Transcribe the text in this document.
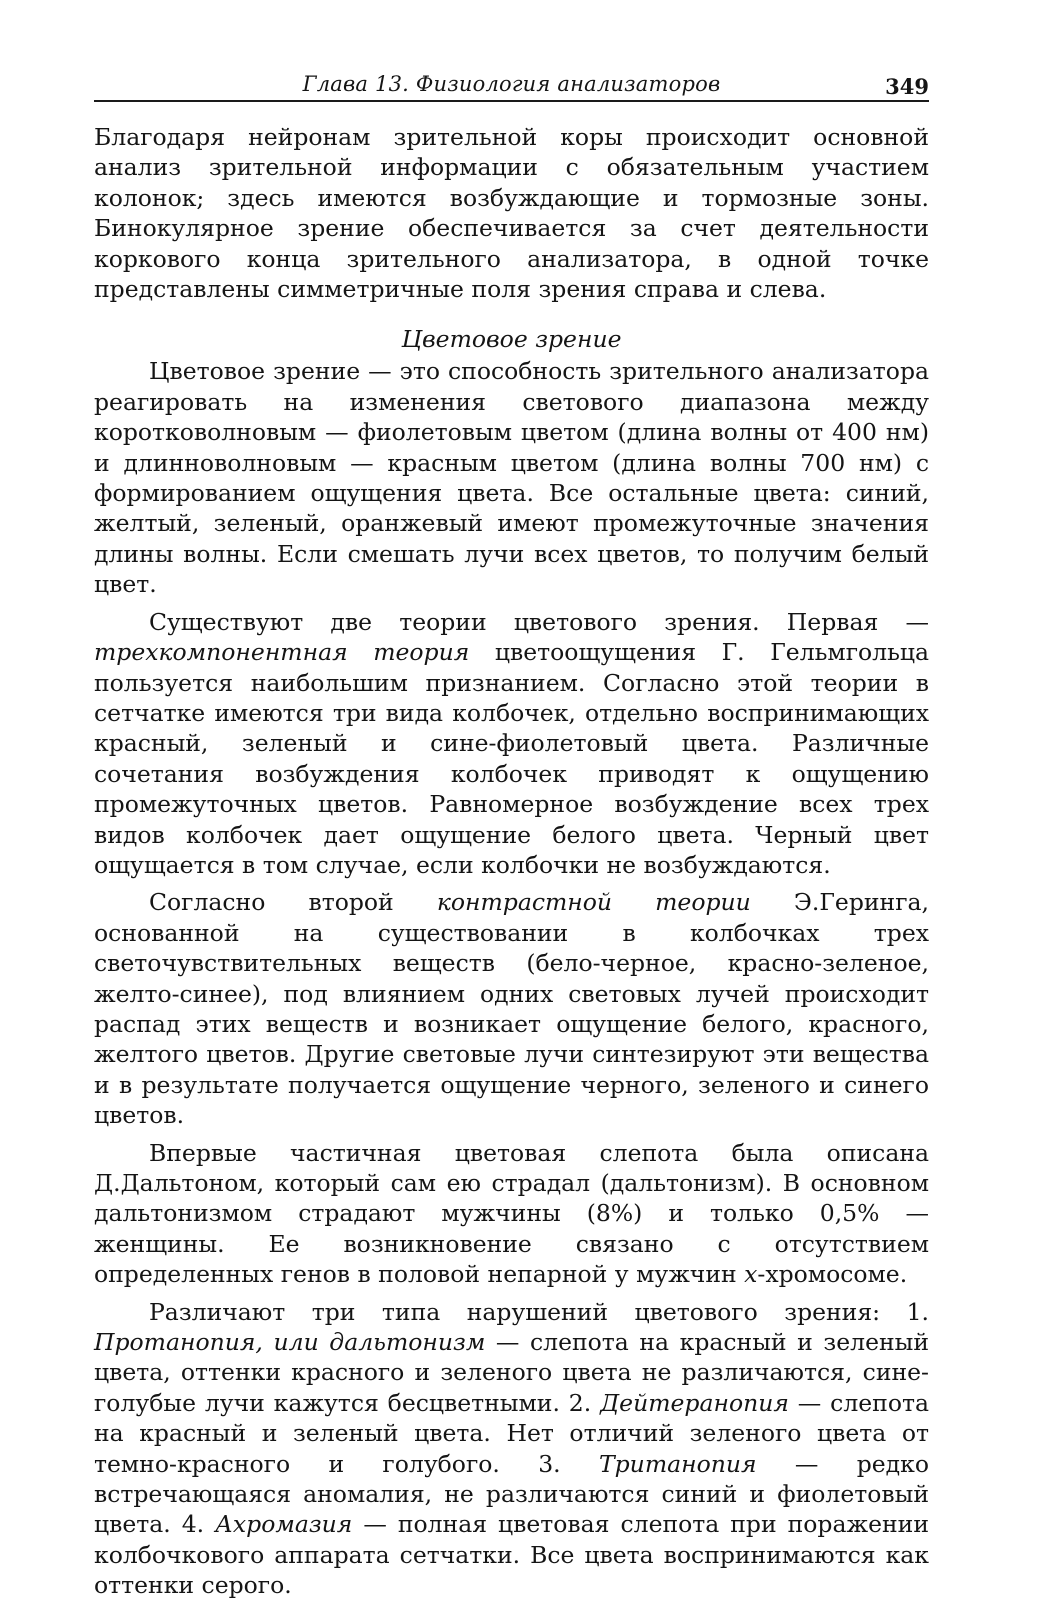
Глава 13. Физиология анализаторов	349

Благодаря нейронам зрительной коры происходит основной анализ зрительной информации с обязательным участием колонок; здесь имеются возбуждающие и тормозные зоны. Бинокулярное зрение обеспечивается за счет деятельности коркового конца зрительного анализатора, в одной точке представлены симметричные поля зрения справа и слева.

Цветовое зрение

Цветовое зрение — это способность зрительного анализатора реагировать на изменения светового диапазона между коротковолновым — фиолетовым цветом (длина волны от 400 нм) и длинноволновым — красным цветом (длина волны 700 нм) с формированием ощущения цвета. Все остальные цвета: синий, желтый, зеленый, оранжевый имеют промежуточные значения длины волны. Если смешать лучи всех цветов, то получим белый цвет.

Существуют две теории цветового зрения. Первая — трехкомпонентная теория цветоощущения Г. Гельмгольца пользуется наибольшим признанием. Согласно этой теории в сетчатке имеются три вида колбочек, отдельно воспринимающих красный, зеленый и сине-фиолетовый цвета. Различные сочетания возбуждения колбочек приводят к ощущению промежуточных цветов. Равномерное возбуждение всех трех видов колбочек дает ощущение белого цвета. Черный цвет ощущается в том случае, если колбочки не возбуждаются.

Согласно второй контрастной теории Э.Геринга, основанной на существовании в колбочках трех светочувствительных веществ (бело-черное, красно-зеленое, желто-синее), под влиянием одних световых лучей происходит распад этих веществ и возникает ощущение белого, красного, желтого цветов. Другие световые лучи синтезируют эти вещества и в результате получается ощущение черного, зеленого и синего цветов.

Впервые частичная цветовая слепота была описана Д.Дальтоном, который сам ею страдал (дальтонизм). В основном дальтонизмом страдают мужчины (8%) и только 0,5% — женщины. Ее возникновение связано с отсутствием определенных генов в половой непарной у мужчин х-хромосоме.

Различают три типа нарушений цветового зрения: 1. Протанопия, или дальтонизм — слепота на красный и зеленый цвета, оттенки красного и зеленого цвета не различаются, сине-голубые лучи кажутся бесцветными. 2. Дейтеранопия — слепота на красный и зеленый цвета. Нет отличий зеленого цвета от темно-красного и голубого. 3. Тританопия — редко встречающаяся аномалия, не различаются синий и фиолетовый цвета. 4. Ахромазия — полная цветовая слепота при поражении колбочкового аппарата сетчатки. Все цвета воспринимаются как оттенки серого.
